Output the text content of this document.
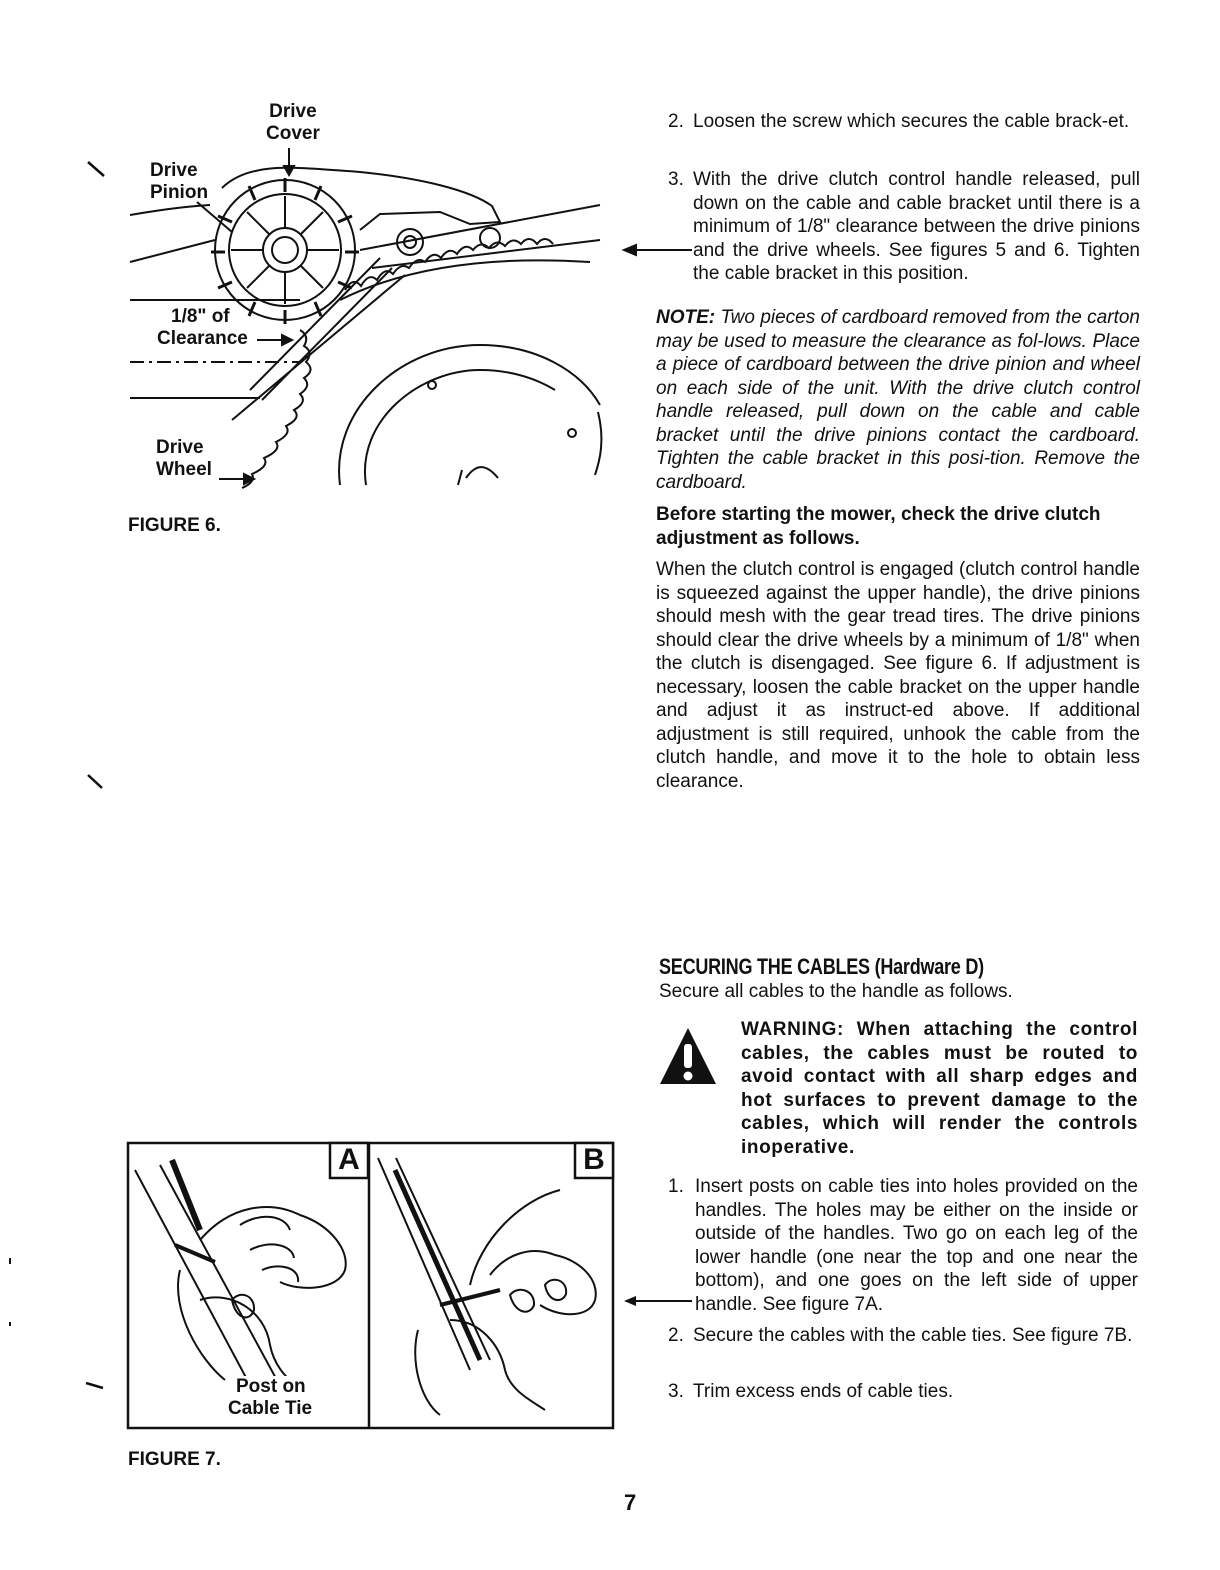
Drive
Cover
Drive
Pinion
1/8" of
Clearance
Drive
Wheel
FIGURE 6.
2. Loosen the screw which secures the cable brack-et.
3. With the drive clutch control handle released, pull down on the cable and cable bracket until there is a minimum of 1/8" clearance between the drive pinions and the drive wheels. See figures 5 and 6. Tighten the cable bracket in this position.
NOTE: Two pieces of cardboard removed from the carton may be used to measure the clearance as fol-lows. Place a piece of cardboard between the drive pinion and wheel on each side of the unit. With the drive clutch control handle released, pull down on the cable and cable bracket until the drive pinions contact the cardboard. Tighten the cable bracket in this posi-tion. Remove the cardboard.
Before starting the mower, check the drive clutch adjustment as follows.
When the clutch control is engaged (clutch control handle is squeezed against the upper handle), the drive pinions should mesh with the gear tread tires. The drive pinions should clear the drive wheels by a minimum of 1/8" when the clutch is disengaged. See figure 6. If adjustment is necessary, loosen the cable bracket on the upper handle and adjust it as instruct-ed above. If additional adjustment is still required, unhook the cable from the clutch handle, and move it to the hole to obtain less clearance.
SECURING THE CABLES (Hardware D)
Secure all cables to the handle as follows.
WARNING: When attaching the control cables, the cables must be routed to avoid contact with all sharp edges and hot surfaces to prevent damage to the cables, which will render the controls inoperative.
1. Insert posts on cable ties into holes provided on the handles. The holes may be either on the inside or outside of the handles. Two go on each leg of the lower handle (one near the top and one near the bottom), and one goes on the left side of upper handle. See figure 7A.
2. Secure the cables with the cable ties. See figure 7B.
3. Trim excess ends of cable ties.
A	B
Post on
Cable Tie
FIGURE 7.
7
